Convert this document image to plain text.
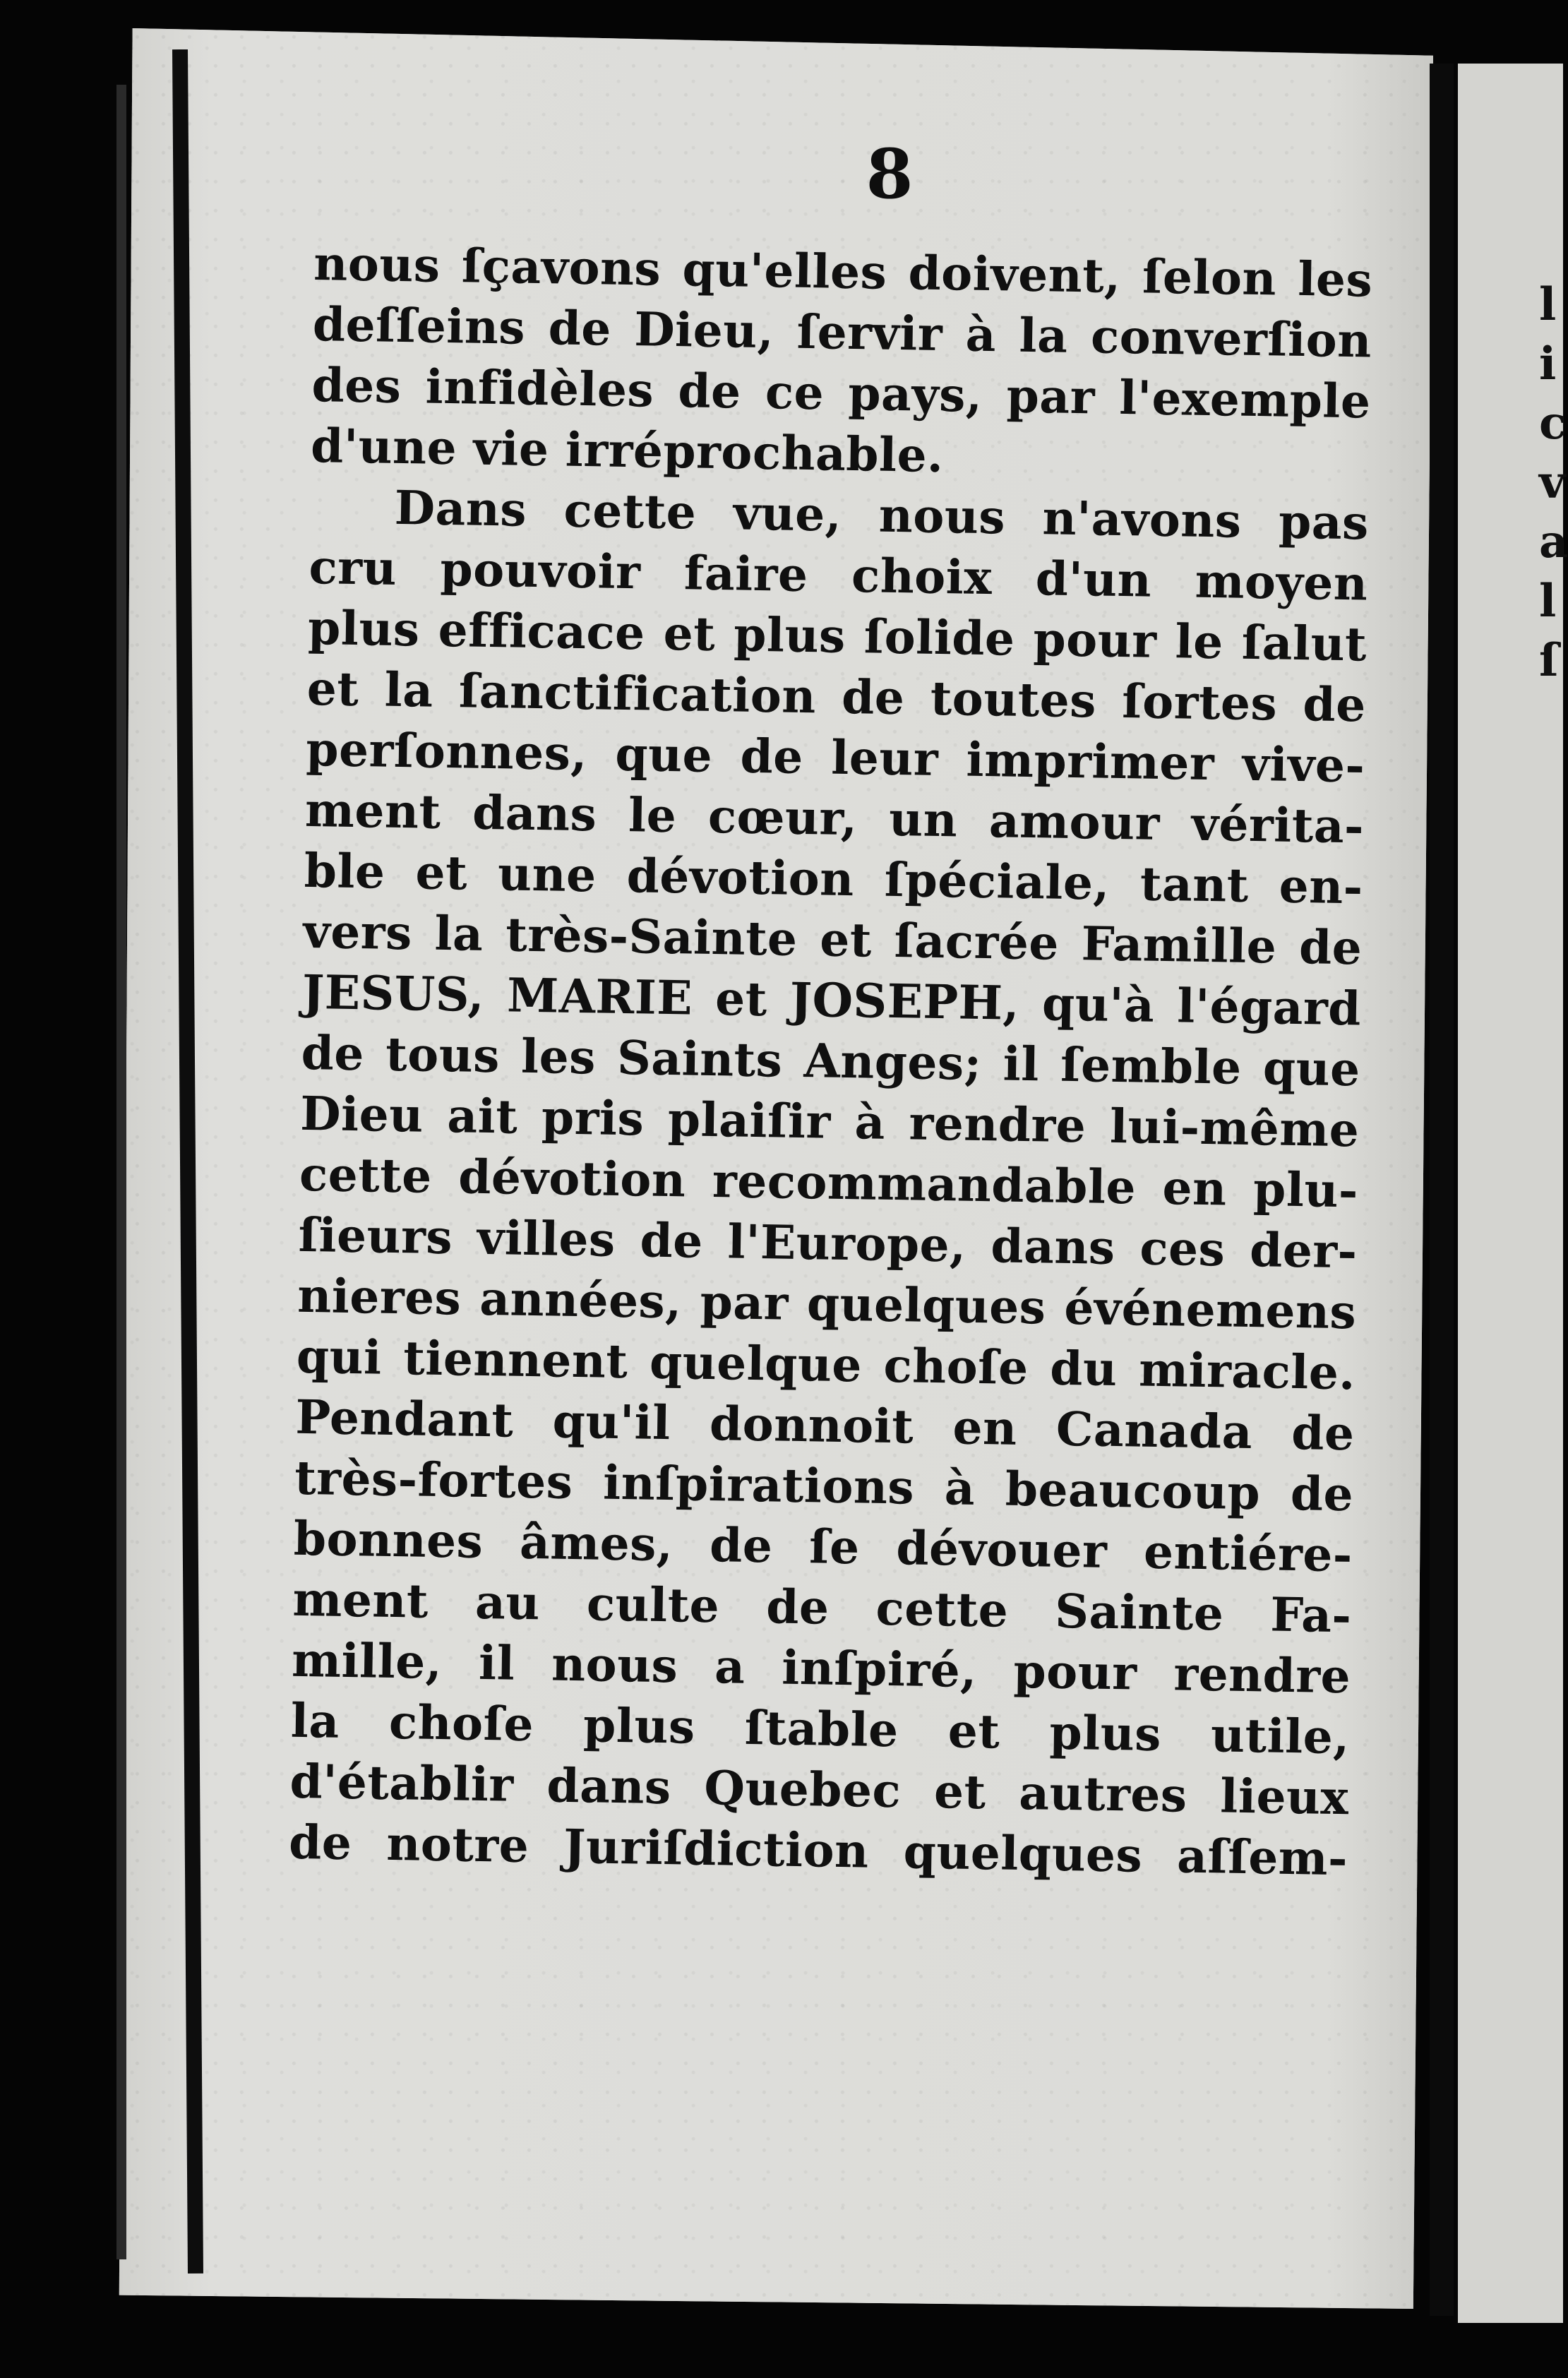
l
i
c
v
a
l
ſ
8
nous ſçavons qu'elles doivent, ſelon les
deſſeins de Dieu, ſervir à la converſion
des infidèles de ce pays, par l'exemple
d'une vie irréprochable.
Dans cette vue, nous n'avons pas
cru pouvoir faire choix d'un moyen
plus efficace et plus ſolide pour le ſalut
et la ſanctification de toutes ſortes de
perſonnes, que de leur imprimer vive-
ment dans le cœur, un amour vérita-
ble et une dévotion ſpéciale, tant en-
vers la très-Sainte et ſacrée Famille de
JESUS, MARIE et JOSEPH, qu'à l'égard
de tous les Saints Anges; il ſemble que
Dieu ait pris plaiſir à rendre lui-même
cette dévotion recommandable en plu-
ſieurs villes de l'Europe, dans ces der-
nieres années, par quelques événemens
qui tiennent quelque choſe du miracle.
Pendant qu'il donnoit en Canada de
très-fortes inſpirations à beaucoup de
bonnes âmes, de ſe dévouer entiére-
ment au culte de cette Sainte Fa-
mille, il nous a inſpiré, pour rendre
la choſe plus ſtable et plus utile,
d'établir dans Quebec et autres lieux
de notre Juriſdiction quelques aſſem-
